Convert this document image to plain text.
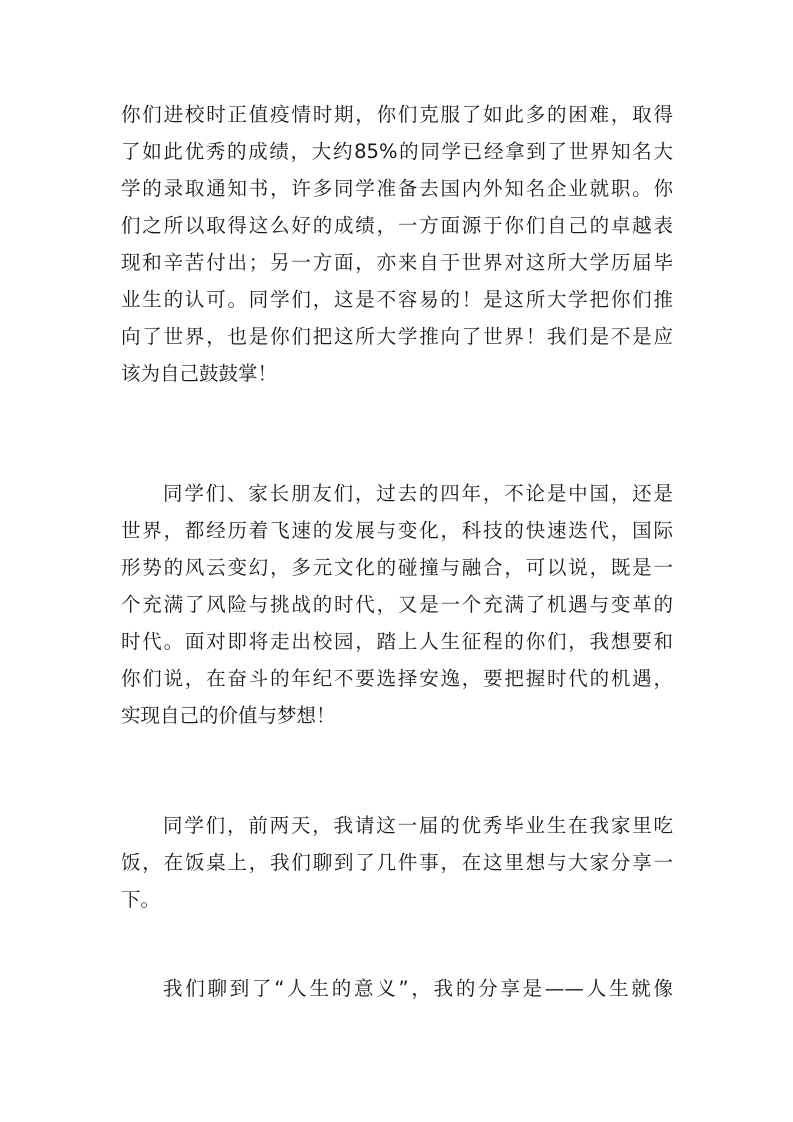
你们进校时正值疫情时期，你们克服了如此多的困难，取得
了如此优秀的成绩，大约85%的同学已经拿到了世界知名大
学的录取通知书，许多同学准备去国内外知名企业就职。你
们之所以取得这么好的成绩，一方面源于你们自己的卓越表
现和辛苦付出；另一方面，亦来自于世界对这所大学历届毕
业生的认可。同学们，这是不容易的！是这所大学把你们推
向了世界，也是你们把这所大学推向了世界！我们是不是应
该为自己鼓鼓掌！
同学们、家长朋友们，过去的四年，不论是中国，还是
世界，都经历着飞速的发展与变化，科技的快速迭代，国际
形势的风云变幻，多元文化的碰撞与融合，可以说，既是一
个充满了风险与挑战的时代，又是一个充满了机遇与变革的
时代。面对即将走出校园，踏上人生征程的你们，我想要和
你们说，在奋斗的年纪不要选择安逸，要把握时代的机遇，
实现自己的价值与梦想！
同学们，前两天，我请这一届的优秀毕业生在我家里吃
饭，在饭桌上，我们聊到了几件事，在这里想与大家分享一
下。
我们聊到了“人生的意义”，我的分享是——人生就像
